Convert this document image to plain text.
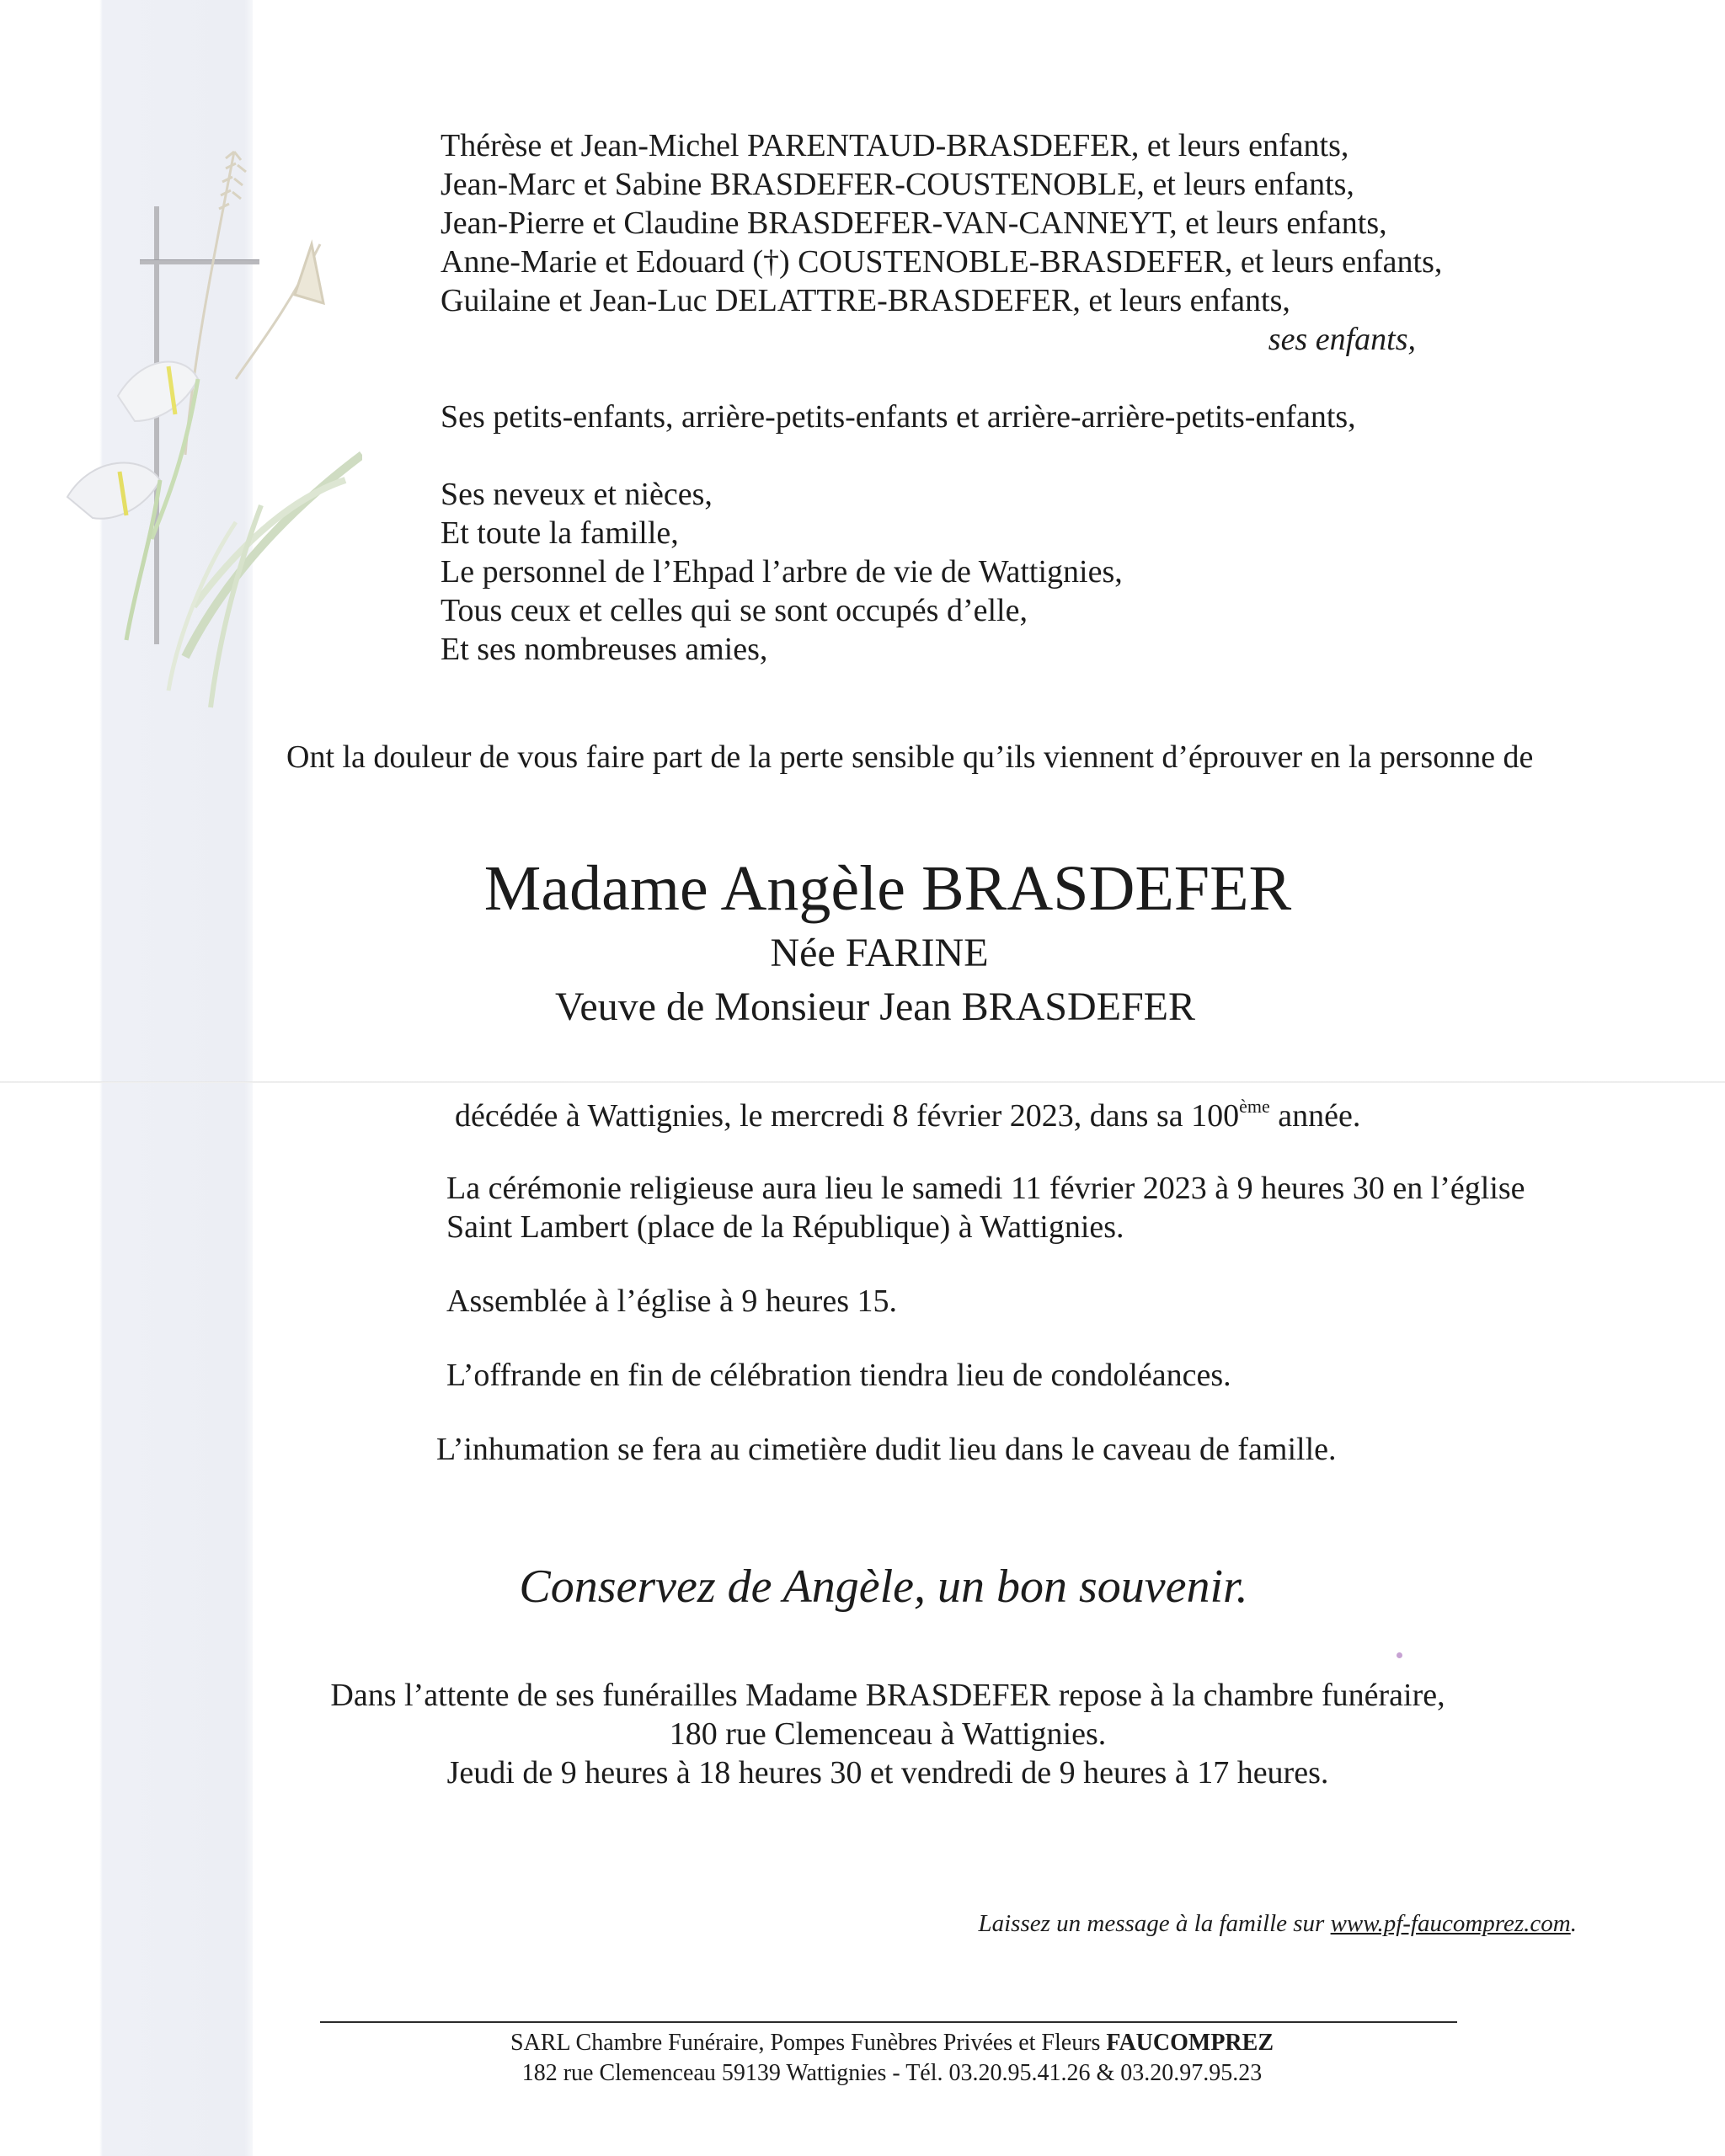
Thérèse et Jean-Michel PARENTAUD-BRASDEFER, et leurs enfants,

Jean-Marc et Sabine BRASDEFER-COUSTENOBLE, et leurs enfants,

Jean-Pierre et Claudine BRASDEFER-VAN-CANNEYT, et leurs enfants,

Anne-Marie et Edouard (†) COUSTENOBLE-BRASDEFER, et leurs enfants,

Guilaine et Jean-Luc DELATTRE-BRASDEFER, et leurs enfants,

ses enfants,

Ses petits-enfants, arrière-petits-enfants et arrière-arrière-petits-enfants,

Ses neveux et nièces,

Et toute la famille,

Le personnel de l’Ehpad l’arbre de vie de Wattignies,

Tous ceux et celles qui se sont occupés d’elle,

Et ses nombreuses amies,

Ont la douleur de vous faire part de la perte sensible qu’ils viennent d’éprouver en la personne de

Madame Angèle BRASDEFER
Née FARINE
Veuve de Monsieur Jean BRASDEFER

décédée à Wattignies, le mercredi 8 février 2023, dans sa 100ème année.

La cérémonie religieuse aura lieu le samedi 11 février 2023 à 9 heures 30 en l’église

Saint Lambert (place de la République) à Wattignies.

Assemblée à l’église à 9 heures 15.

L’offrande en fin de célébration tiendra lieu de condoléances.

L’inhumation se fera au cimetière dudit lieu dans le caveau de famille.

Conservez de Angèle, un bon souvenir.

Dans l’attente de ses funérailles Madame BRASDEFER repose à la chambre funéraire,

180 rue Clemenceau à Wattignies.

Jeudi de 9 heures à 18 heures 30 et vendredi de 9 heures à 17 heures.

Laissez un message à la famille sur www.pf-faucomprez.com.

SARL Chambre Funéraire, Pompes Funèbres Privées et Fleurs FAUCOMPREZ

182 rue Clemenceau 59139 Wattignies - Tél. 03.20.95.41.26 & 03.20.97.95.23
